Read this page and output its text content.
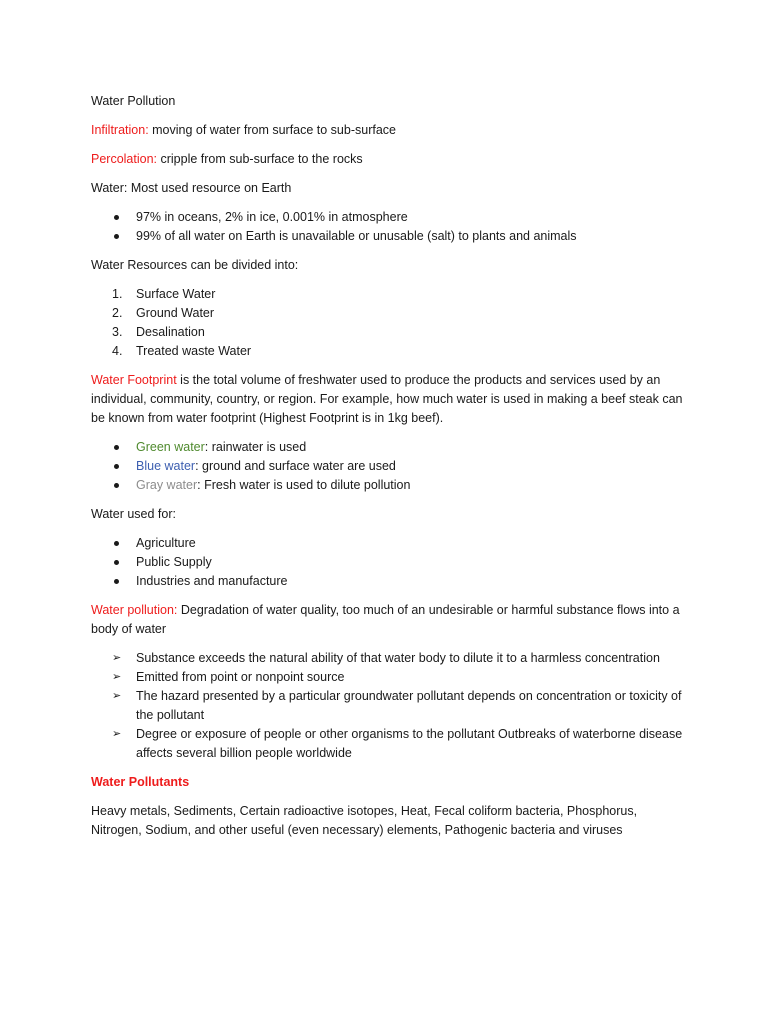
Water Pollution

Infiltration: moving of water from surface to sub-surface

Percolation: cripple from sub-surface to the rocks

Water: Most used resource on Earth

97% in oceans, 2% in ice, 0.001% in atmosphere
99% of all water on Earth is unavailable or unusable (salt) to plants and animals

Water Resources can be divided into:

1. Surface Water
2. Ground Water
3. Desalination
4. Treated waste Water

Water Footprint is the total volume of freshwater used to produce the products and services used by an individual, community, country, or region. For example, how much water is used in making a beef steak can be known from water footprint (Highest Footprint is in 1kg beef).

Green water: rainwater is used
Blue water: ground and surface water are used
Gray water: Fresh water is used to dilute pollution

Water used for:

Agriculture
Public Supply
Industries and manufacture

Water pollution: Degradation of water quality, too much of an undesirable or harmful substance flows into a body of water

➢ Substance exceeds the natural ability of that water body to dilute it to a harmless concentration
➢ Emitted from point or nonpoint source
➢ The hazard presented by a particular groundwater pollutant depends on concentration or toxicity of the pollutant
➢ Degree or exposure of people or other organisms to the pollutant Outbreaks of waterborne disease affects several billion people worldwide

Water Pollutants

Heavy metals, Sediments, Certain radioactive isotopes, Heat, Fecal coliform bacteria, Phosphorus, Nitrogen, Sodium, and other useful (even necessary) elements, Pathogenic bacteria and viruses
